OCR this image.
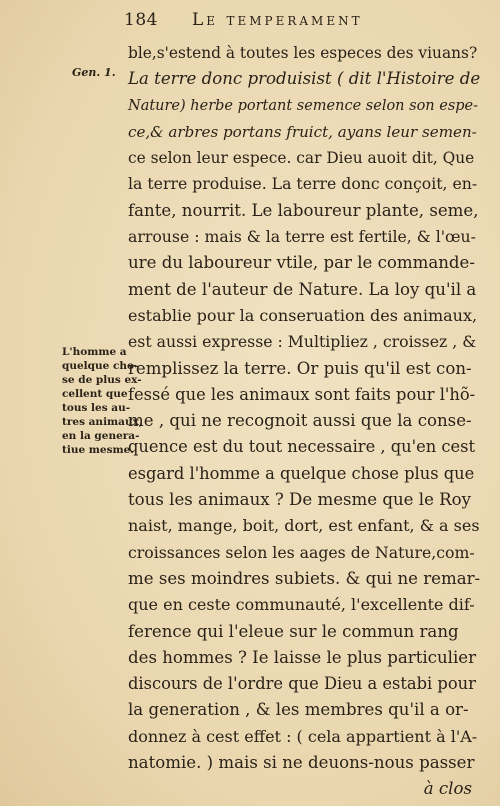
184 Le temperament
Gen. 1.
L'homme a
quelque cho-
se de plus ex-
cellent que
tous les au-
tres animaux,
en la genera-
tiue mesme.
ble,s'estend à toutes les especes des viuans?
La terre donc produisist ( dit l'Histoire de
Nature) herbe portant semence selon son espe-
ce,& arbres portans fruict, ayans leur semen-
ce selon leur espece. car Dieu auoit dit, Que
la terre produise. La terre donc conçoit, en-
fante, nourrit. Le laboureur plante, seme,
arrouse : mais & la terre est fertile, & l'œu-
ure du laboureur vtile, par le commande-
ment de l'auteur de Nature. La loy qu'il a
establie pour la conseruation des animaux,
est aussi expresse : Multipliez , croissez , &
remplissez la terre. Or puis qu'il est con-
fessé que les animaux sont faits pour l'hõ-
me , qui ne recognoit aussi que la conse-
quence est du tout necessaire , qu'en cest
esgard l'homme a quelque chose plus que
tous les animaux ? De mesme que le Roy
naist, mange, boit, dort, est enfant, & a ses
croissances selon les aages de Nature,com-
me ses moindres subiets. & qui ne remar-
que en ceste communauté, l'excellente dif-
ference qui l'eleue sur le commun rang
des hommes ? Ie laisse le plus particulier
discours de l'ordre que Dieu a estabi pour
la generation , & les membres qu'il a or-
donnez à cest effet : ( cela appartient à l'A-
natomie. ) mais si ne deuons-nous passer
à clos
